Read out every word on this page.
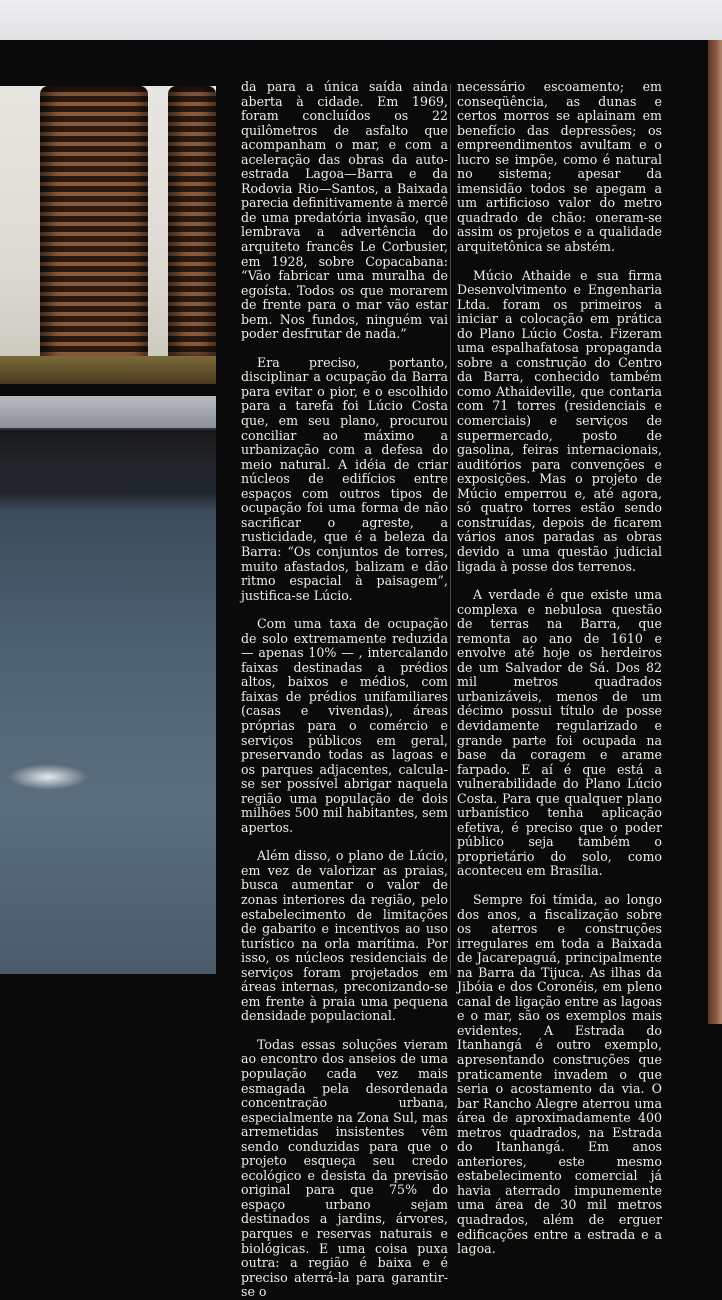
da para a única saída ainda aberta à cidade. Em 1969, foram concluídos os 22 quilômetros de asfalto que acompanham o mar, e com a aceleração das obras da auto-estrada Lagoa—Barra e da Rodovia Rio—Santos, a Baixada parecia definitivamente à mercê de uma predatória invasão, que lembrava a advertência do arquiteto francês Le Corbusier, em 1928, sobre Copacabana: “Vão fabricar uma muralha de egoísta. Todos os que morarem de frente para o mar vão estar bem. Nos fundos, ninguém vai poder desfrutar de nada.”

Era preciso, portanto, disciplinar a ocupação da Barra para evitar o pior, e o escolhido para a tarefa foi Lúcio Costa que, em seu plano, procurou conciliar ao máximo a urbanização com a defesa do meio natural. A idéia de criar núcleos de edifícios entre espaços com outros tipos de ocupação foi uma forma de não sacrificar o agreste, a rusticidade, que é a beleza da Barra: “Os conjuntos de torres, muito afastados, balizam e dão ritmo espacial à paisagem”, justifica-se Lúcio.

Com uma taxa de ocupação de solo extremamente reduzida — apenas 10% — , intercalando faixas destinadas a prédios altos, baixos e médios, com faixas de prédios unifamiliares (casas e vivendas), áreas próprias para o comércio e serviços públicos em geral, preservando todas as lagoas e os parques adjacentes, calcula-se ser possível abrigar naquela região uma população de dois milhões 500 mil habitantes, sem apertos.

Além disso, o plano de Lúcio, em vez de valorizar as praias, busca aumentar o valor de zonas interiores da região, pelo estabelecimento de limitações de gabarito e incentivos ao uso turístico na orla marítima. Por isso, os núcleos residenciais de serviços foram projetados em áreas internas, preconizando-se em frente à praia uma pequena densidade populacional.

Todas essas soluções vieram ao encontro dos anseios de uma população cada vez mais esmagada pela desordenada concentração urbana, especialmente na Zona Sul, mas arremetidas insistentes vêm sendo conduzidas para que o projeto esqueça seu credo ecológico e desista da previsão original para que 75% do espaço urbano sejam destinados a jardins, árvores, parques e reservas naturais e biológicas. E uma coisa puxa outra: a região é baixa e é preciso aterrá-la para garantir-se o

necessário escoamento; em conseqüência, as dunas e certos morros se aplainam em benefício das depressões; os empreendimentos avultam e o lucro se impõe, como é natural no sistema; apesar da imensidão todos se apegam a um artificioso valor do metro quadrado de chão: oneram-se assim os projetos e a qualidade arquitetônica se abstém.

Múcio Athaide e sua firma Desenvolvimento e Engenharia Ltda. foram os primeiros a iniciar a colocação em prática do Plano Lúcio Costa. Fizeram uma espalhafatosa propaganda sobre a construção do Centro da Barra, conhecido também como Athaideville, que contaria com 71 torres (residenciais e comerciais) e serviços de supermercado, posto de gasolina, feiras internacionais, auditórios para convenções e exposições. Mas o projeto de Múcio emperrou e, até agora, só quatro torres estão sendo construídas, depois de ficarem vários anos paradas as obras devido a uma questão judicial ligada à posse dos terrenos.

A verdade é que existe uma complexa e nebulosa questão de terras na Barra, que remonta ao ano de 1610 e envolve até hoje os herdeiros de um Salvador de Sá. Dos 82 mil metros quadrados urbanizáveis, menos de um décimo possui título de posse devidamente regularizado e grande parte foi ocupada na base da coragem e arame farpado. E aí é que está a vulnerabilidade do Plano Lúcio Costa. Para que qualquer plano urbanístico tenha aplicação efetiva, é preciso que o poder público seja também o proprietário do solo, como aconteceu em Brasília.

Sempre foi tímida, ao longo dos anos, a fiscalização sobre os aterros e construções irregulares em toda a Baixada de Jacarepaguá, principalmente na Barra da Tijuca. As ilhas da Jibóia e dos Coronéis, em pleno canal de ligação entre as lagoas e o mar, são os exemplos mais evidentes. A Estrada do Itanhangá é outro exemplo, apresentando construções que praticamente invadem o que seria o acostamento da via. O bar Rancho Alegre aterrou uma área de aproximadamente 400 metros quadrados, na Estrada do Itanhangá. Em anos anteriores, este mesmo estabelecimento comercial já havia aterrado impunemente uma área de 30 mil metros quadrados, além de erguer edificações entre a estrada e a lagoa.
